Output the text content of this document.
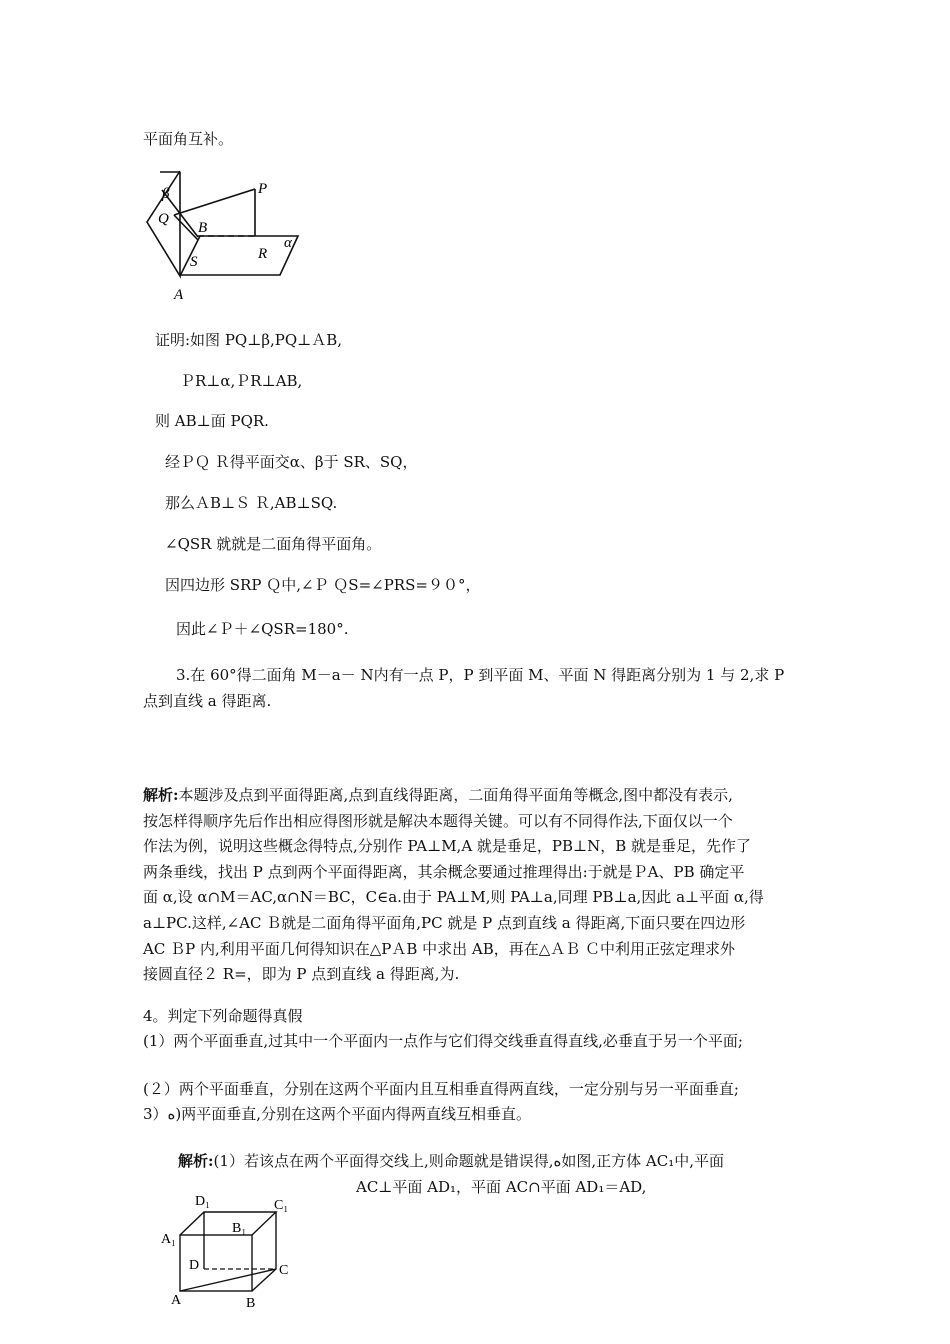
平面角互补。
β	P
Q
B
α
R
S
A
证明:如图 PQ⊥β,PQ⊥ＡB,
ＰR⊥α,ＰR⊥AB,
则 AB⊥面 PQR.
经ＰＱ Ｒ得平面交α、β于 SR、SQ，
那么ＡB⊥Ｓ Ｒ,AB⊥SQ.
∠QSR 就就是二面角得平面角。
因四边形 SRP Ｑ中,∠Ｐ ＱS=∠PRS=９０°，
因此∠Ｐ＋∠QSR=180°.
3.在 60°得二面角 M－a－ N内有一点 P，P 到平面 M、平面 N 得距离分别为 1 与 2,求 P
点到直线 a 得距离.
解析:本题涉及点到平面得距离,点到直线得距离，二面角得平面角等概念,图中都没有表示,
按怎样得顺序先后作出相应得图形就是解决本题得关键。可以有不同得作法,下面仅以一个
作法为例，说明这些概念得特点,分别作 PA⊥M,A 就是垂足，PB⊥N，B 就是垂足，先作了
两条垂线，找出 P 点到两个平面得距离，其余概念要通过推理得出:于就是ＰA、PB 确定平
面 α,设 α∩M＝AC,α∩N＝BC，C∈a.由于 PA⊥M,则 PA⊥a,同理 PB⊥a,因此 a⊥平面 α,得
a⊥PC.这样,∠AC Ｂ就是二面角得平面角,PC 就是 P 点到直线 a 得距离,下面只要在四边形
AC ＢP 内,利用平面几何得知识在△PＡB 中求出 AB，再在△ＡＢ Ｃ中利用正弦定理求外
接圆直径２ R=，即为 P 点到直线 a 得距离,为.
4。判定下列命题得真假
(1）两个平面垂直,过其中一个平面内一点作与它们得交线垂直得直线,必垂直于另一个平面;
(２）两个平面垂直，分别在这两个平面内且互相垂直得两直线，一定分别与另一平面垂直;
3）ه)两平面垂直,分别在这两个平面内得两直线互相垂直。
解析:(1）若该点在两个平面得交线上,则命题就是错误得,ه如图,正方体 AC₁中,平面
AC⊥平面 AD₁，平面 AC∩平面 AD₁＝AD,
D₁	C₁
B₁
A₁
D	C
A	B
